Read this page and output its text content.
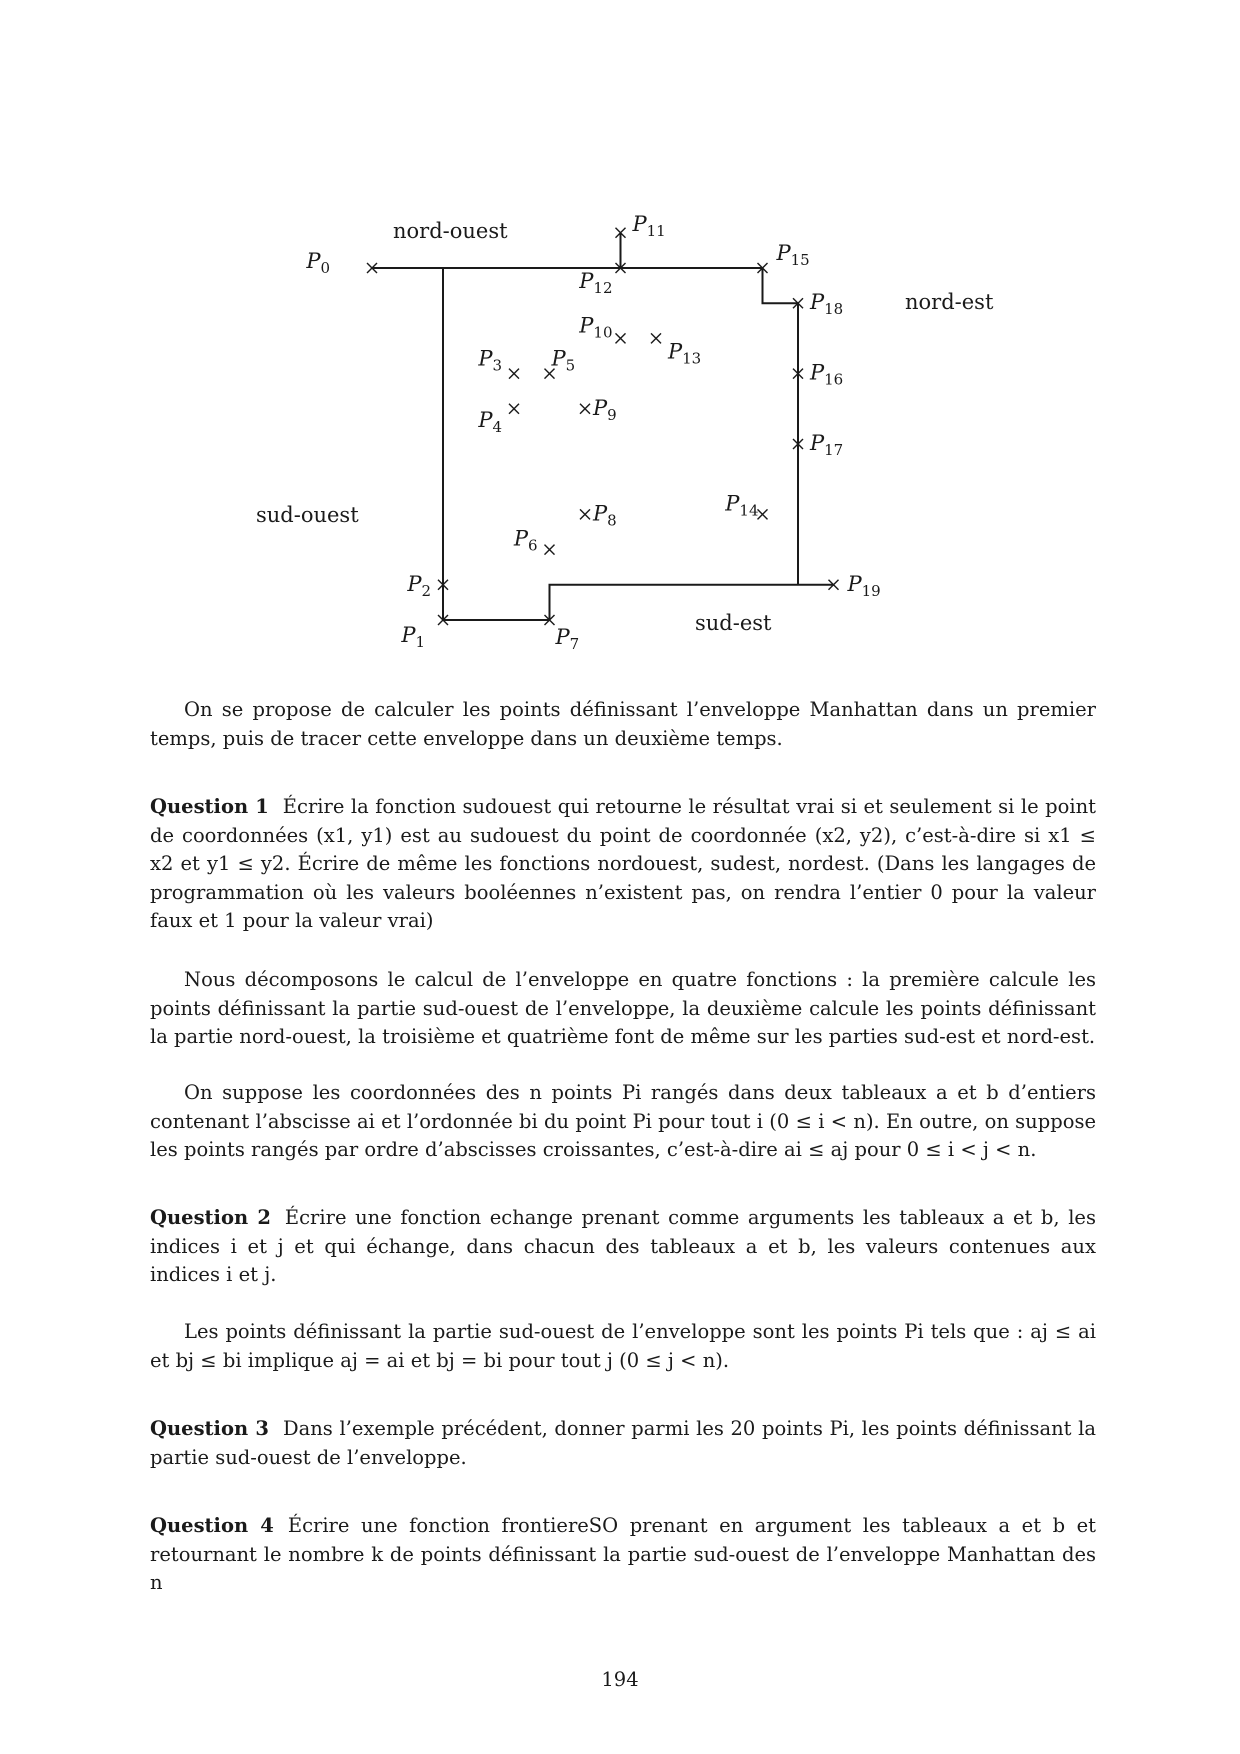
$P_0$
$P_1$
$P_2$
$P_3$
$P_4$
$P_5$
$P_6$
$P_7$
$P_8$
$P_9$
$P_{10}$
$P_{11}$
$P_{12}$
$P_{13}$
$P_{14}$
$P_{15}$
$P_{16}$
$P_{17}$
$P_{18}$
$P_{19}$
nord-ouest
nord-est
sud-ouest
sud-est

On se propose de calculer les points définissant l’enveloppe Manhattan dans un premier temps, puis de tracer cette enveloppe dans un deuxième temps.

Question 1 Écrire la fonction sudouest qui retourne le résultat vrai si et seulement si le point de coordonnées (x1, y1) est au sudouest du point de coordonnée (x2, y2), c’est-à-dire si x1 ≤ x2 et y1 ≤ y2. Écrire de même les fonctions nordouest, sudest, nordest. (Dans les langages de programmation où les valeurs booléennes n’existent pas, on rendra l’entier 0 pour la valeur faux et 1 pour la valeur vrai)

Nous décomposons le calcul de l’enveloppe en quatre fonctions : la première calcule les points définissant la partie sud-ouest de l’enveloppe, la deuxième calcule les points définissant la partie nord-ouest, la troisième et quatrième font de même sur les parties sud-est et nord-est.

On suppose les coordonnées des n points Pi rangés dans deux tableaux a et b d’entiers contenant l’abscisse ai et l’ordonnée bi du point Pi pour tout i (0 ≤ i < n). En outre, on suppose les points rangés par ordre d’abscisses croissantes, c’est-à-dire ai ≤ aj pour 0 ≤ i < j < n.

Question 2 Écrire une fonction echange prenant comme arguments les tableaux a et b, les indices i et j et qui échange, dans chacun des tableaux a et b, les valeurs contenues aux indices i et j.

Les points définissant la partie sud-ouest de l’enveloppe sont les points Pi tels que : aj ≤ ai et bj ≤ bi implique aj = ai et bj = bi pour tout j (0 ≤ j < n).

Question 3 Dans l’exemple précédent, donner parmi les 20 points Pi, les points définissant la partie sud-ouest de l’enveloppe.

Question 4 Écrire une fonction frontiereSO prenant en argument les tableaux a et b et retournant le nombre k de points définissant la partie sud-ouest de l’enveloppe Manhattan des n

194
